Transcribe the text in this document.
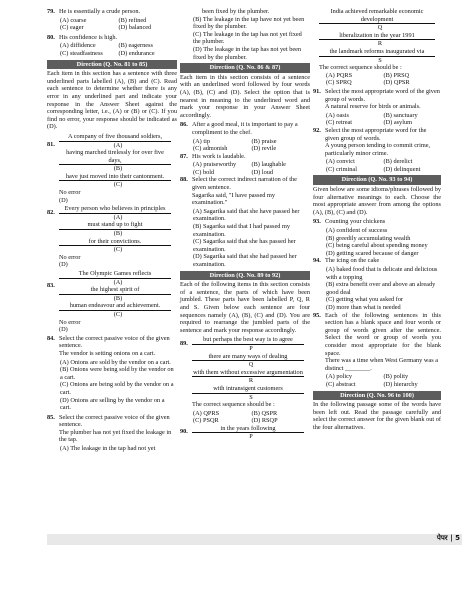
पेपर | 5
79. He is essentially a crude person.
(A) coarse	(B) refined
(C) eager	(D) balanced
80. His confidence is high.
(A) diffidence	(B) eagerness
(C) steadfastness	(D) endurance
Direction (Q. No. 81 to 85)
Each item in this section has a sentence with three underlined parts labelled (A), (B) and (C). Read each sentence to determine whether there is any error in any underlined part and indicate your response in the Answer Sheet against the corresponding letter, i.e., (A) or (B) or (C). If you find no error, your response should be indicated as (D).
81.
A company of five thousand soldiers,
(A)
having marched tirelessly for over five days,
(B)
have just moved into their cantonment.
(C)
No error
(D)
82.
Every person who believes in principles
(A)
must stand up to fight
(B)
for their convictions.
(C)
No error
(D)
83.
The Olympic Games reflects
(A)
the highest spirit of
(B)
human endeavour and achievement.
(C)
No error
(D)
84. Select the correct passive voice of the given sentence.
The vendor is setting onions on a cart.
(A) Onions are sold by the vendor on a cart.
(B) Onions were being sold by the vendor on a cart.
(C) Onions are being sold by the vendor on a cart.
(D) Onions are selling by the vendor on a cart.
85. Select the correct passive voice of the given sentence.
The plumber has not yet fixed the leakage in the tap.
(A) The leakage in the tap had not yet
been fixed by the plumber.
(B) The leakage in the tap have not yet been fixed by the plumber.
(C) The leakage in the tap has not yet fixed the plumber.
(D) The leakage in the tap has not yet been fixed by the plumber.
Direction (Q. No. 86 & 87)
Each item in this section consists of a sentence with an underlined word followed by four words (A), (B), (C) and (D). Select the option that is nearest in meaning to the underlined word and mark your response in your Answer Sheet accordingly.
86. After a good meal, it is important to pay a compliment to the chef.
(A) tip	(B) praise
(C) admonish	(D) revile
87. His work is laudable.
(A) praiseworthy	(B) laughable
(C) bold	(D) loud
88. Select the correct indirect narration of the given sentence.
Sagarika said, "I have passed my examination."
(A) Sagarika said that she have passed her examination.
(B) Sagarika said that I had passed my examination.
(C) Sagarika said that she has passed her examination.
(D) Sagarika said that she had passed her examination.
Direction (Q. No. 89 to 92)
Each of the following items in this section consists of a sentence, the parts of which have been jumbled. These parts have been labelled P, Q, R and S. Given below each sentence are four sequences namely (A), (B), (C) and (D). You are required to rearrange the jumbled parts of the sentence and mark your response accordingly.
89.
but perhaps the best way is to agree
P
there are many ways of dealing
Q
with them without excessive argumentation
R
with intransigent customers
S
The correct sequence should be :
(A) QPRS	(B) QSPR
(C) PSQR	(D) RSQP
90.	in the years following
P
India achieved remarkable economic development
Q
liberalization in the year 1991
R
the landmark reforms inaugurated via
S
The correct sequence should be :
(A) PQRS	(B) PRSQ
(C) SPRQ	(D) QPSR
91. Select the most appropriate word of the given group of words.
A natural reserve for birds or animals.
(A) oasis	(B) sanctuary
(C) retreat	(D) asylum
92. Select the most appropriate word for the given group of words.
A young person tending to commit crime, particularly minor crime.
(A) convict	(B) derelict
(C) criminal	(D) delinquent
Direction (Q. No. 93 to 94)
Given below are some idioms/phrases followed by four alternative meanings to each. Choose the most appropriate answer from among the options (A), (B), (C) and (D).
93. Counting your chickens
(A) confident of success
(B) greedily accumulating wealth
(C) being careful about spending money
(D) getting scared because of danger
94. The icing on the cake
(A) baked food that is delicate and delicious with a topping
(B) extra benefit over and above an already good deal
(C) getting what you asked for
(D) more than what is needed
95. Each of the following sentences in this section has a blank space and four words or group of words given after the sentence. Select the word or group of words you consider most appropriate for the blank space.
There was a time when West Germany was a distinct ________.
(A) policy	(B) polity
(C) abstract	(D) hierarchy
Direction (Q. No. 96 to 100)
In the following passage some of the words have been left out. Read the passage carefully and select the correct answer for the given blank out of the four alternatives.
